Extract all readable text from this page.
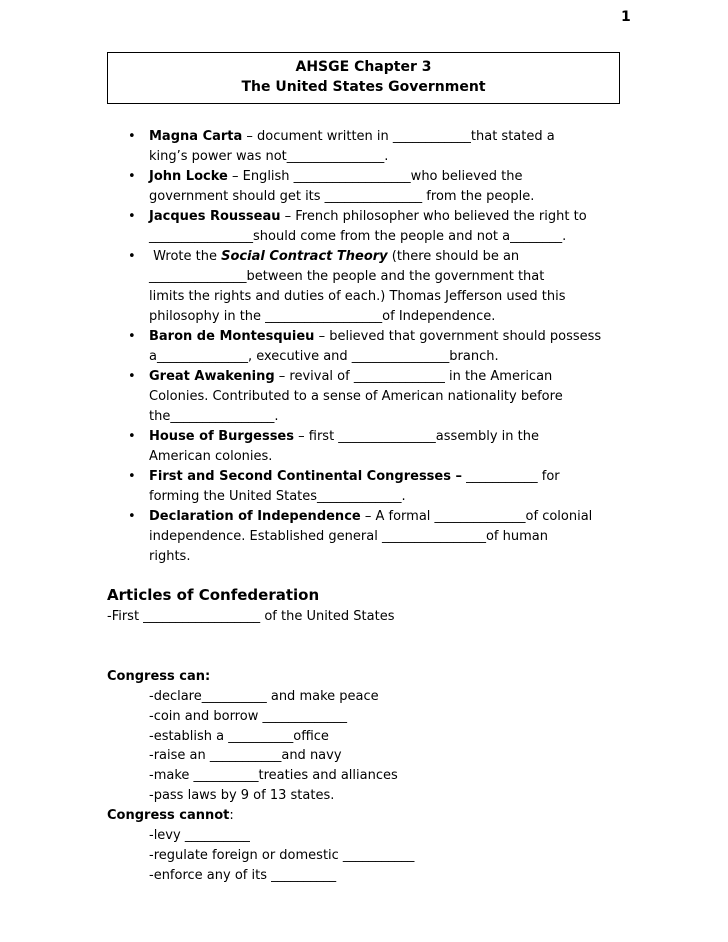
1
AHSGE Chapter 3
The United States Government
• Magna Carta – document written in ____________that stated a
king’s power was not_______________.
• John Locke – English __________________who believed the
government should get its _______________ from the people.
• Jacques Rousseau – French philosopher who believed the right to
________________should come from the people and not a________.
• Wrote the Social Contract Theory (there should be an
_______________between the people and the government that
limits the rights and duties of each.) Thomas Jefferson used this
philosophy in the __________________of Independence.
• Baron de Montesquieu – believed that government should possess
a______________, executive and _______________branch.
• Great Awakening – revival of ______________ in the American
Colonies. Contributed to a sense of American nationality before
the________________.
• House of Burgesses – first _______________assembly in the
American colonies.
• First and Second Continental Congresses – ___________ for
forming the United States_____________.
• Declaration of Independence – A formal ______________of colonial
independence. Established general ________________of human
rights.
Articles of Confederation
-First __________________ of the United States
Congress can:
-declare__________ and make peace
-coin and borrow _____________
-establish a __________office
-raise an ___________and navy
-make __________treaties and alliances
-pass laws by 9 of 13 states.
Congress cannot:
-levy __________
-regulate foreign or domestic ___________
-enforce any of its __________
